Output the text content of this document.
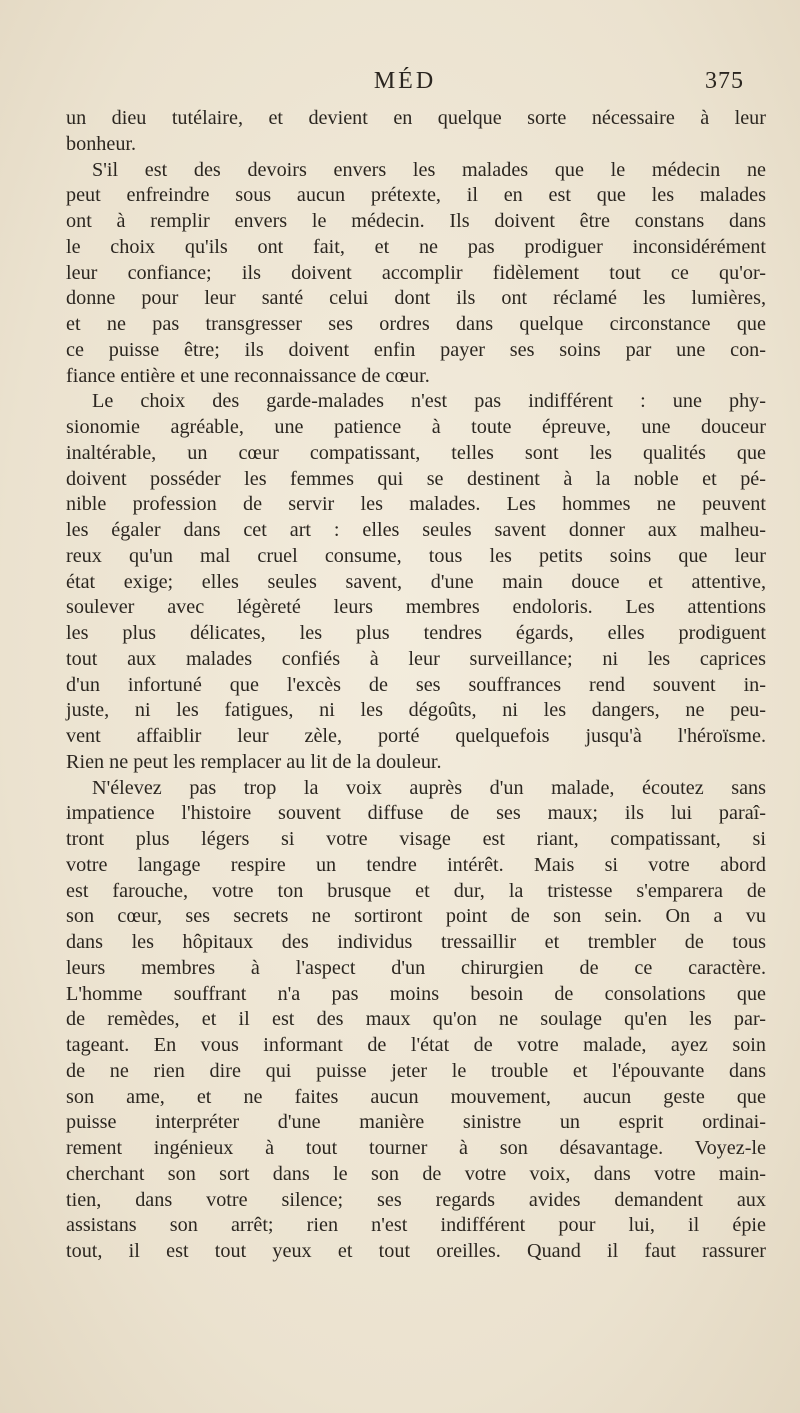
MÉD	375
un dieu tutélaire, et devient en quelque sorte nécessaire à leur
bonheur.
S'il est des devoirs envers les malades que le médecin ne
peut enfreindre sous aucun prétexte, il en est que les malades
ont à remplir envers le médecin. Ils doivent être constans dans
le choix qu'ils ont fait, et ne pas prodiguer inconsidérément
leur confiance; ils doivent accomplir fidèlement tout ce qu'or-
donne pour leur santé celui dont ils ont réclamé les lumières,
et ne pas transgresser ses ordres dans quelque circonstance que
ce puisse être; ils doivent enfin payer ses soins par une con-
fiance entière et une reconnaissance de cœur.
Le choix des garde-malades n'est pas indifférent : une phy-
sionomie agréable, une patience à toute épreuve, une douceur
inaltérable, un cœur compatissant, telles sont les qualités que
doivent posséder les femmes qui se destinent à la noble et pé-
nible profession de servir les malades. Les hommes ne peuvent
les égaler dans cet art : elles seules savent donner aux malheu-
reux qu'un mal cruel consume, tous les petits soins que leur
état exige; elles seules savent, d'une main douce et attentive,
soulever avec légèreté leurs membres endoloris. Les attentions
les plus délicates, les plus tendres égards, elles prodiguent
tout aux malades confiés à leur surveillance; ni les caprices
d'un infortuné que l'excès de ses souffrances rend souvent in-
juste, ni les fatigues, ni les dégoûts, ni les dangers, ne peu-
vent affaiblir leur zèle, porté quelquefois jusqu'à l'héroïsme.
Rien ne peut les remplacer au lit de la douleur.
N'élevez pas trop la voix auprès d'un malade, écoutez sans
impatience l'histoire souvent diffuse de ses maux; ils lui paraî-
tront plus légers si votre visage est riant, compatissant, si
votre langage respire un tendre intérêt. Mais si votre abord
est farouche, votre ton brusque et dur, la tristesse s'emparera de
son cœur, ses secrets ne sortiront point de son sein. On a vu
dans les hôpitaux des individus tressaillir et trembler de tous
leurs membres à l'aspect d'un chirurgien de ce caractère.
L'homme souffrant n'a pas moins besoin de consolations que
de remèdes, et il est des maux qu'on ne soulage qu'en les par-
tageant. En vous informant de l'état de votre malade, ayez soin
de ne rien dire qui puisse jeter le trouble et l'épouvante dans
son ame, et ne faites aucun mouvement, aucun geste que
puisse interpréter d'une manière sinistre un esprit ordinai-
rement ingénieux à tout tourner à son désavantage. Voyez-le
cherchant son sort dans le son de votre voix, dans votre main-
tien, dans votre silence; ses regards avides demandent aux
assistans son arrêt; rien n'est indifférent pour lui, il épie
tout, il est tout yeux et tout oreilles. Quand il faut rassurer
